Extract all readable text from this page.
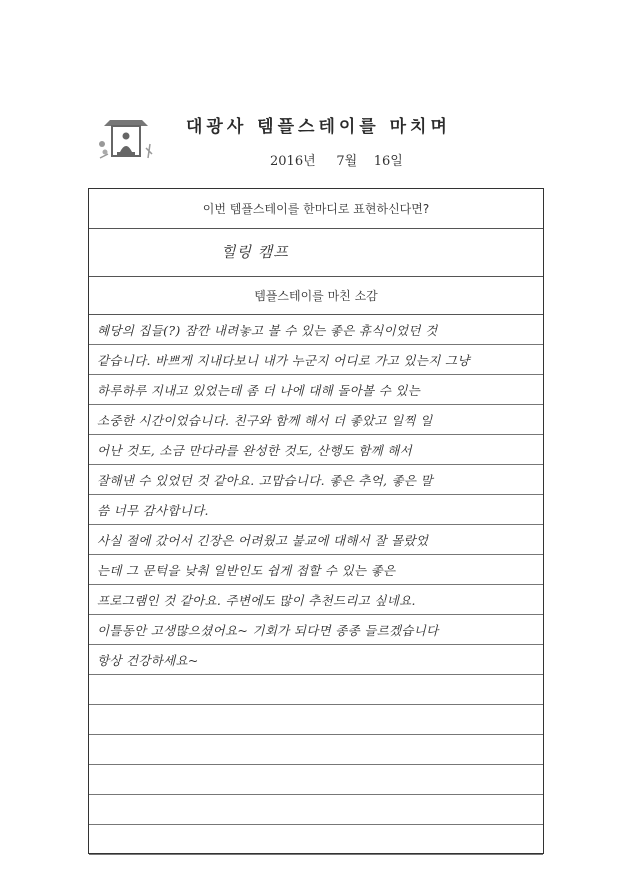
대광사 템플스테이를 마치며
2016년 7월 16일
이번 템플스테이를 한마디로 표현하신다면?
힐링 캠프
템플스테이를 마친 소감
혜당의 집들(?) 잠깐 내려놓고 볼 수 있는 좋은 휴식이었던 것
같습니다. 바쁘게 지내다보니 내가 누군지 어디로 가고 있는지 그냥
하루하루 지내고 있었는데 좀 더 나에 대해 돌아볼 수 있는
소중한 시간이었습니다. 친구와 함께 해서 더 좋았고 일찍 일
어난 것도, 소금 만다라를 완성한 것도, 산행도 함께 해서
잘해낸 수 있었던 것 같아요. 고맙습니다. 좋은 추억, 좋은 말
씀 너무 감사합니다.
사실 절에 갔어서 긴장은 어려웠고 불교에 대해서 잘 몰랐었
는데 그 문턱을 낮춰 일반인도 쉽게 접할 수 있는 좋은
프로그램인 것 같아요. 주변에도 많이 추천드리고 싶네요.
이틀동안 고생많으셨어요~ 기회가 되다면 종종 들르겠습니다
항상 건강하세요~
